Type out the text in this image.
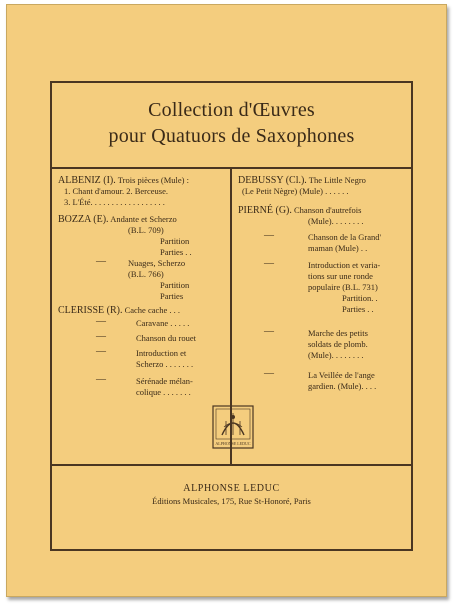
Collection d'Œuvres
pour Quatuors de Saxophones
ALBENIZ (I). Trois pièces (Mule) :
1. Chant d'amour. 2. Berceuse.
3. L'Été. . . . . . . . . . . . . . . . . .
BOZZA (E). Andante et Scherzo
(B.L. 709)
Partition
Parties . .
—	Nuages, Scherzo
(B.L. 766)
Partition
Parties
CLERISSE (R). Cache cache . . .
—	Caravane . . . . .
—	Chanson du rouet
—	Introduction et
Scherzo . . . . . . .
—	Sérénade mélan-
colique . . . . . . .
DEBUSSY (Cl.). The Little Negro
(Le Petit Nègre) (Mule) . . . . . .
PIERNÉ (G). Chanson d'autrefois
(Mule). . . . . . . .
—	Chanson de la Grand'
maman (Mule) . .
—	Introduction et varia-
tions sur une ronde
populaire (B.L. 731)
Partition. .
Parties . .
—	Marche des petits
soldats de plomb.
(Mule). . . . . . . .
—	La Veillée de l'ange
gardien. (Mule). . . .
ALPHONSE LEDUC
ALPHONSE LEDUC
Éditions Musicales, 175, Rue St-Honoré, Paris
